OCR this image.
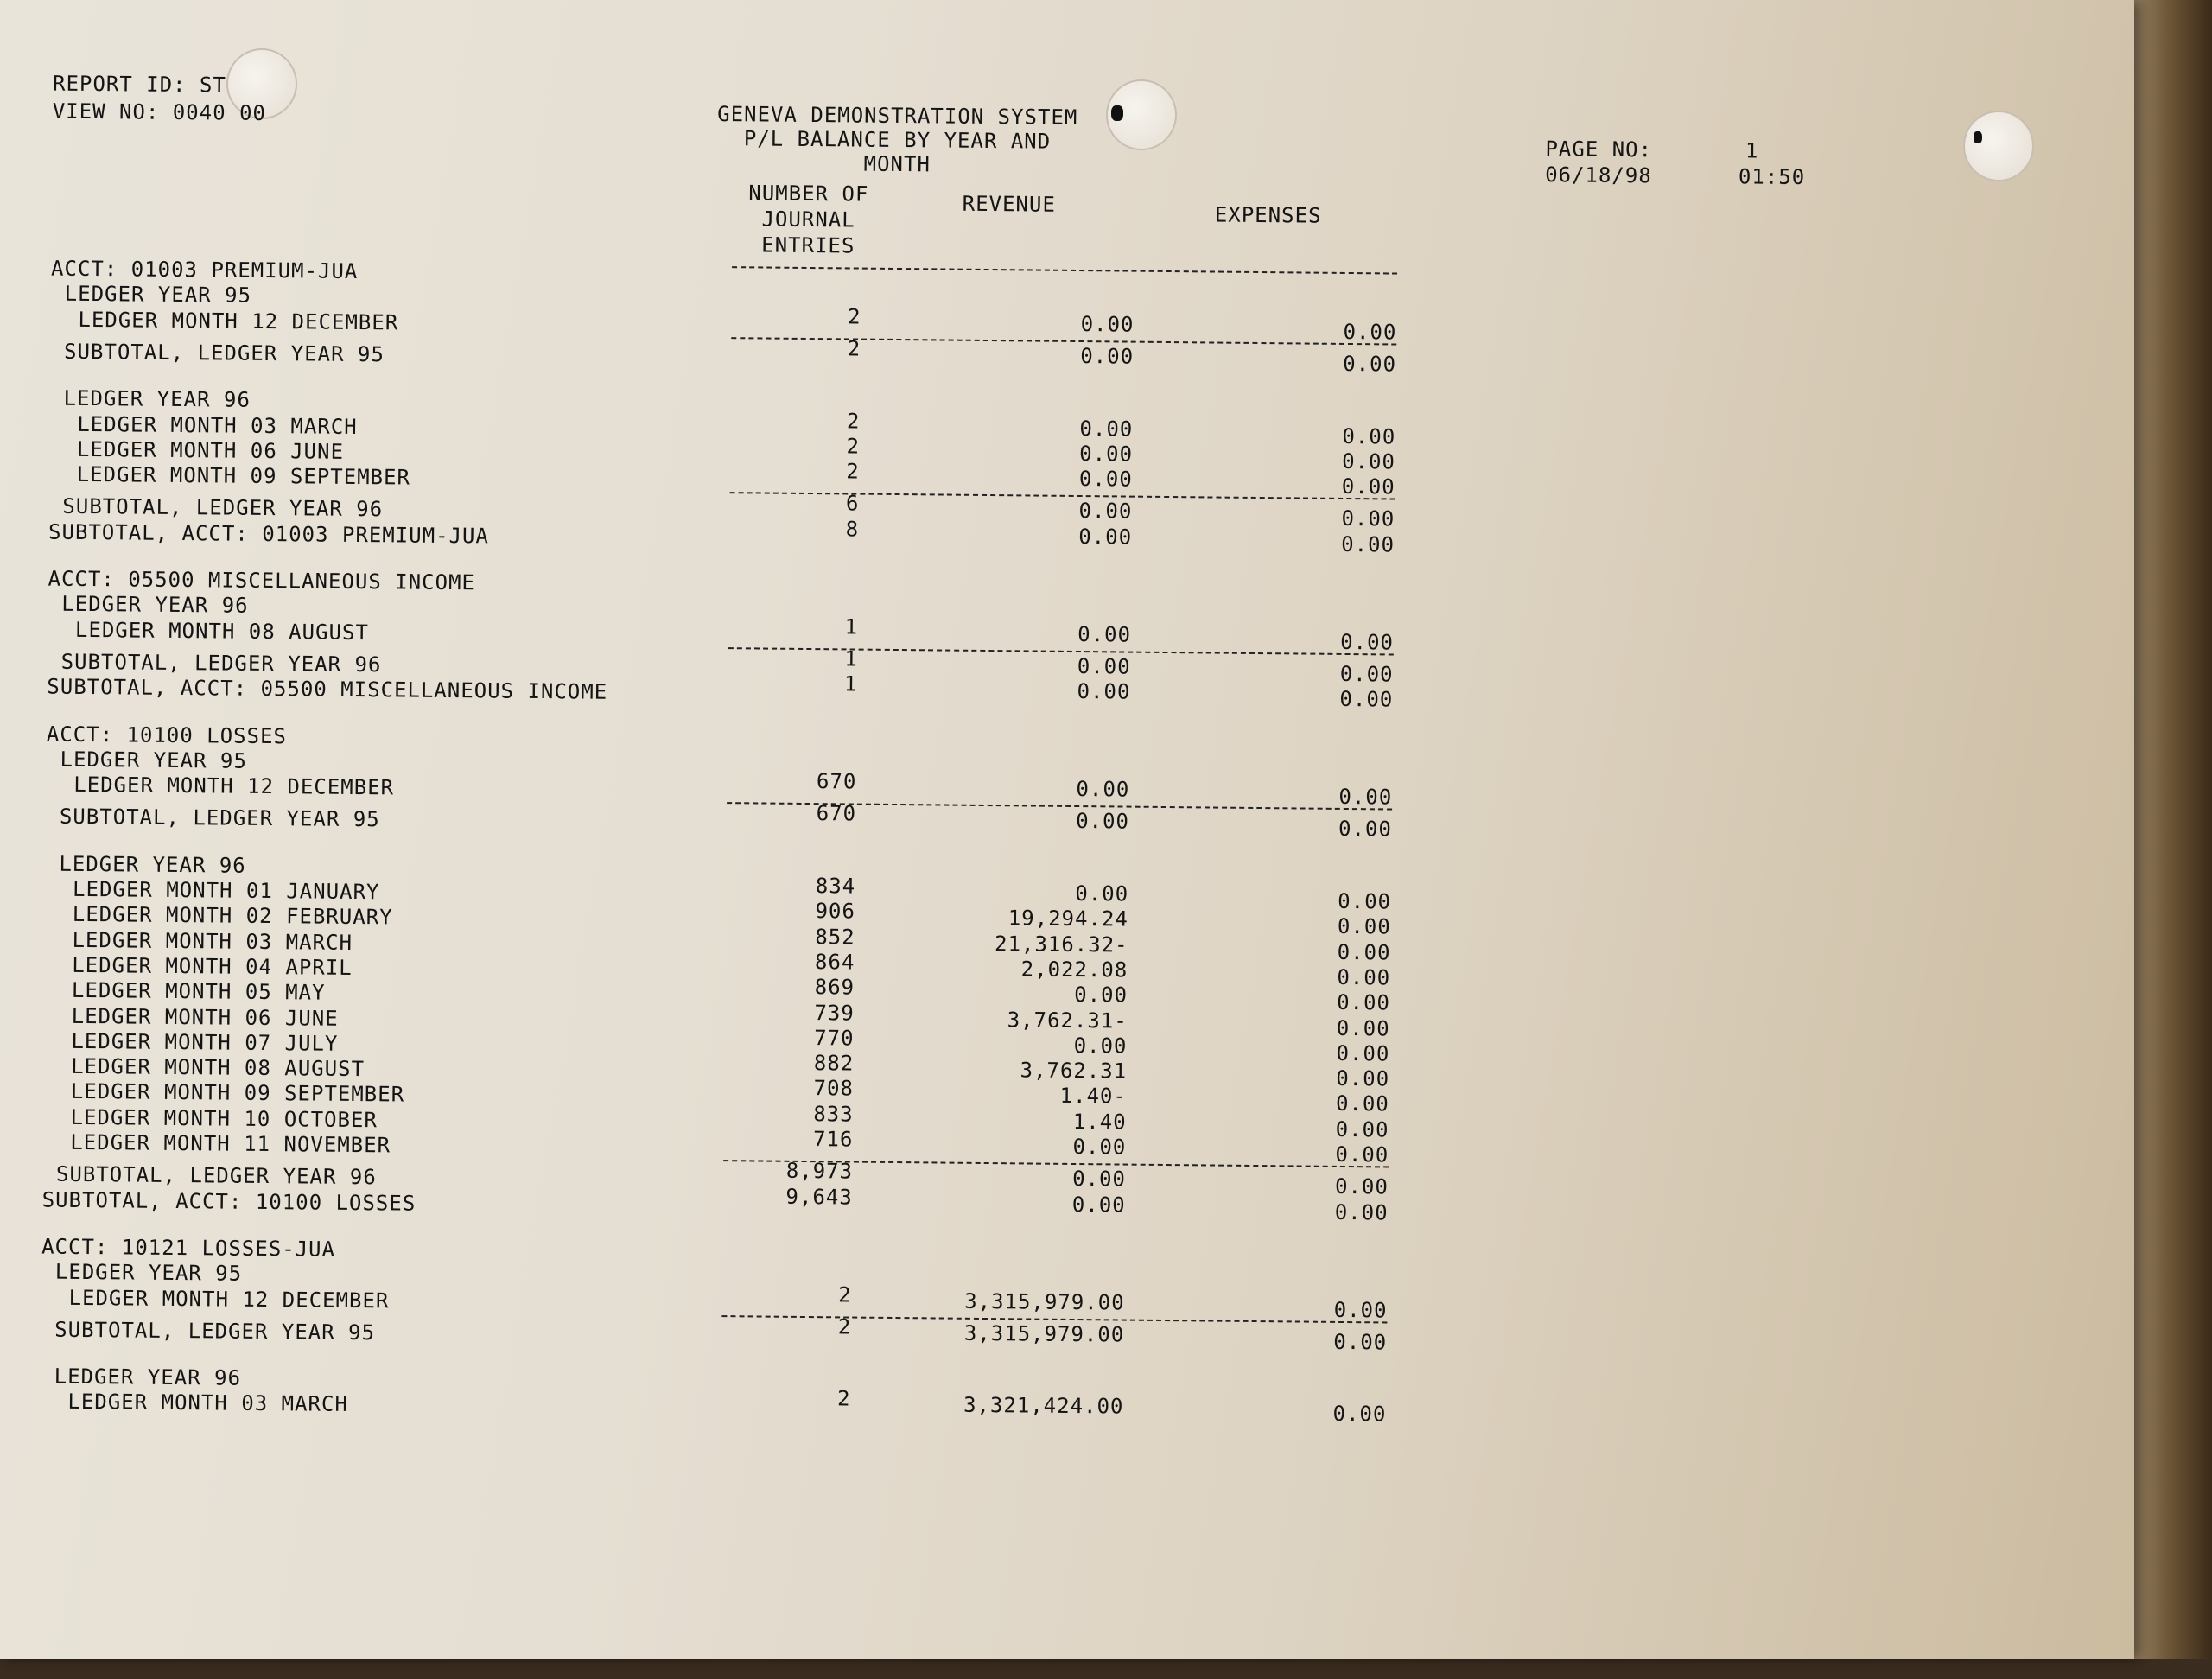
REPORT ID: ST
VIEW NO: 0040 00	GENEVA DEMONSTRATION SYSTEM
P/L BALANCE BY YEAR AND MONTH
PAGE NO:	1
06/18/98	01:50
NUMBER OF
JOURNAL
ENTRIES
REVENUE	EXPENSES
ACCT: 01003 PREMIUM-JUA
LEDGER YEAR 95
LEDGER MONTH 12 DECEMBER	2	0.00	0.00
SUBTOTAL, LEDGER YEAR 95	2	0.00	0.00
LEDGER YEAR 96
LEDGER MONTH 03 MARCH	2	0.00	0.00
LEDGER MONTH 06 JUNE	2	0.00	0.00
LEDGER MONTH 09 SEPTEMBER	2	0.00	0.00
SUBTOTAL, LEDGER YEAR 96	6	0.00	0.00
SUBTOTAL, ACCT: 01003 PREMIUM-JUA	8	0.00	0.00
ACCT: 05500 MISCELLANEOUS INCOME
LEDGER YEAR 96
LEDGER MONTH 08 AUGUST	1	0.00	0.00
SUBTOTAL, LEDGER YEAR 96	1	0.00	0.00
SUBTOTAL, ACCT: 05500 MISCELLANEOUS INCOME	1	0.00	0.00
ACCT: 10100 LOSSES
LEDGER YEAR 95
LEDGER MONTH 12 DECEMBER	670	0.00	0.00
SUBTOTAL, LEDGER YEAR 95	670	0.00	0.00
LEDGER YEAR 96
LEDGER MONTH 01 JANUARY	834	0.00	0.00
LEDGER MONTH 02 FEBRUARY	906	19,294.24	0.00
LEDGER MONTH 03 MARCH	852	21,316.32-	0.00
LEDGER MONTH 04 APRIL	864	2,022.08	0.00
LEDGER MONTH 05 MAY	869	0.00	0.00
LEDGER MONTH 06 JUNE	739	3,762.31-	0.00
LEDGER MONTH 07 JULY	770	0.00	0.00
LEDGER MONTH 08 AUGUST	882	3,762.31	0.00
LEDGER MONTH 09 SEPTEMBER	708	1.40-	0.00
LEDGER MONTH 10 OCTOBER	833	1.40	0.00
LEDGER MONTH 11 NOVEMBER	716	0.00	0.00
SUBTOTAL, LEDGER YEAR 96	8,973	0.00	0.00
SUBTOTAL, ACCT: 10100 LOSSES	9,643	0.00	0.00
ACCT: 10121 LOSSES-JUA
LEDGER YEAR 95
LEDGER MONTH 12 DECEMBER	2	3,315,979.00	0.00
SUBTOTAL, LEDGER YEAR 95	2	3,315,979.00	0.00
LEDGER YEAR 96
LEDGER MONTH 03 MARCH	2	3,321,424.00	0.00
